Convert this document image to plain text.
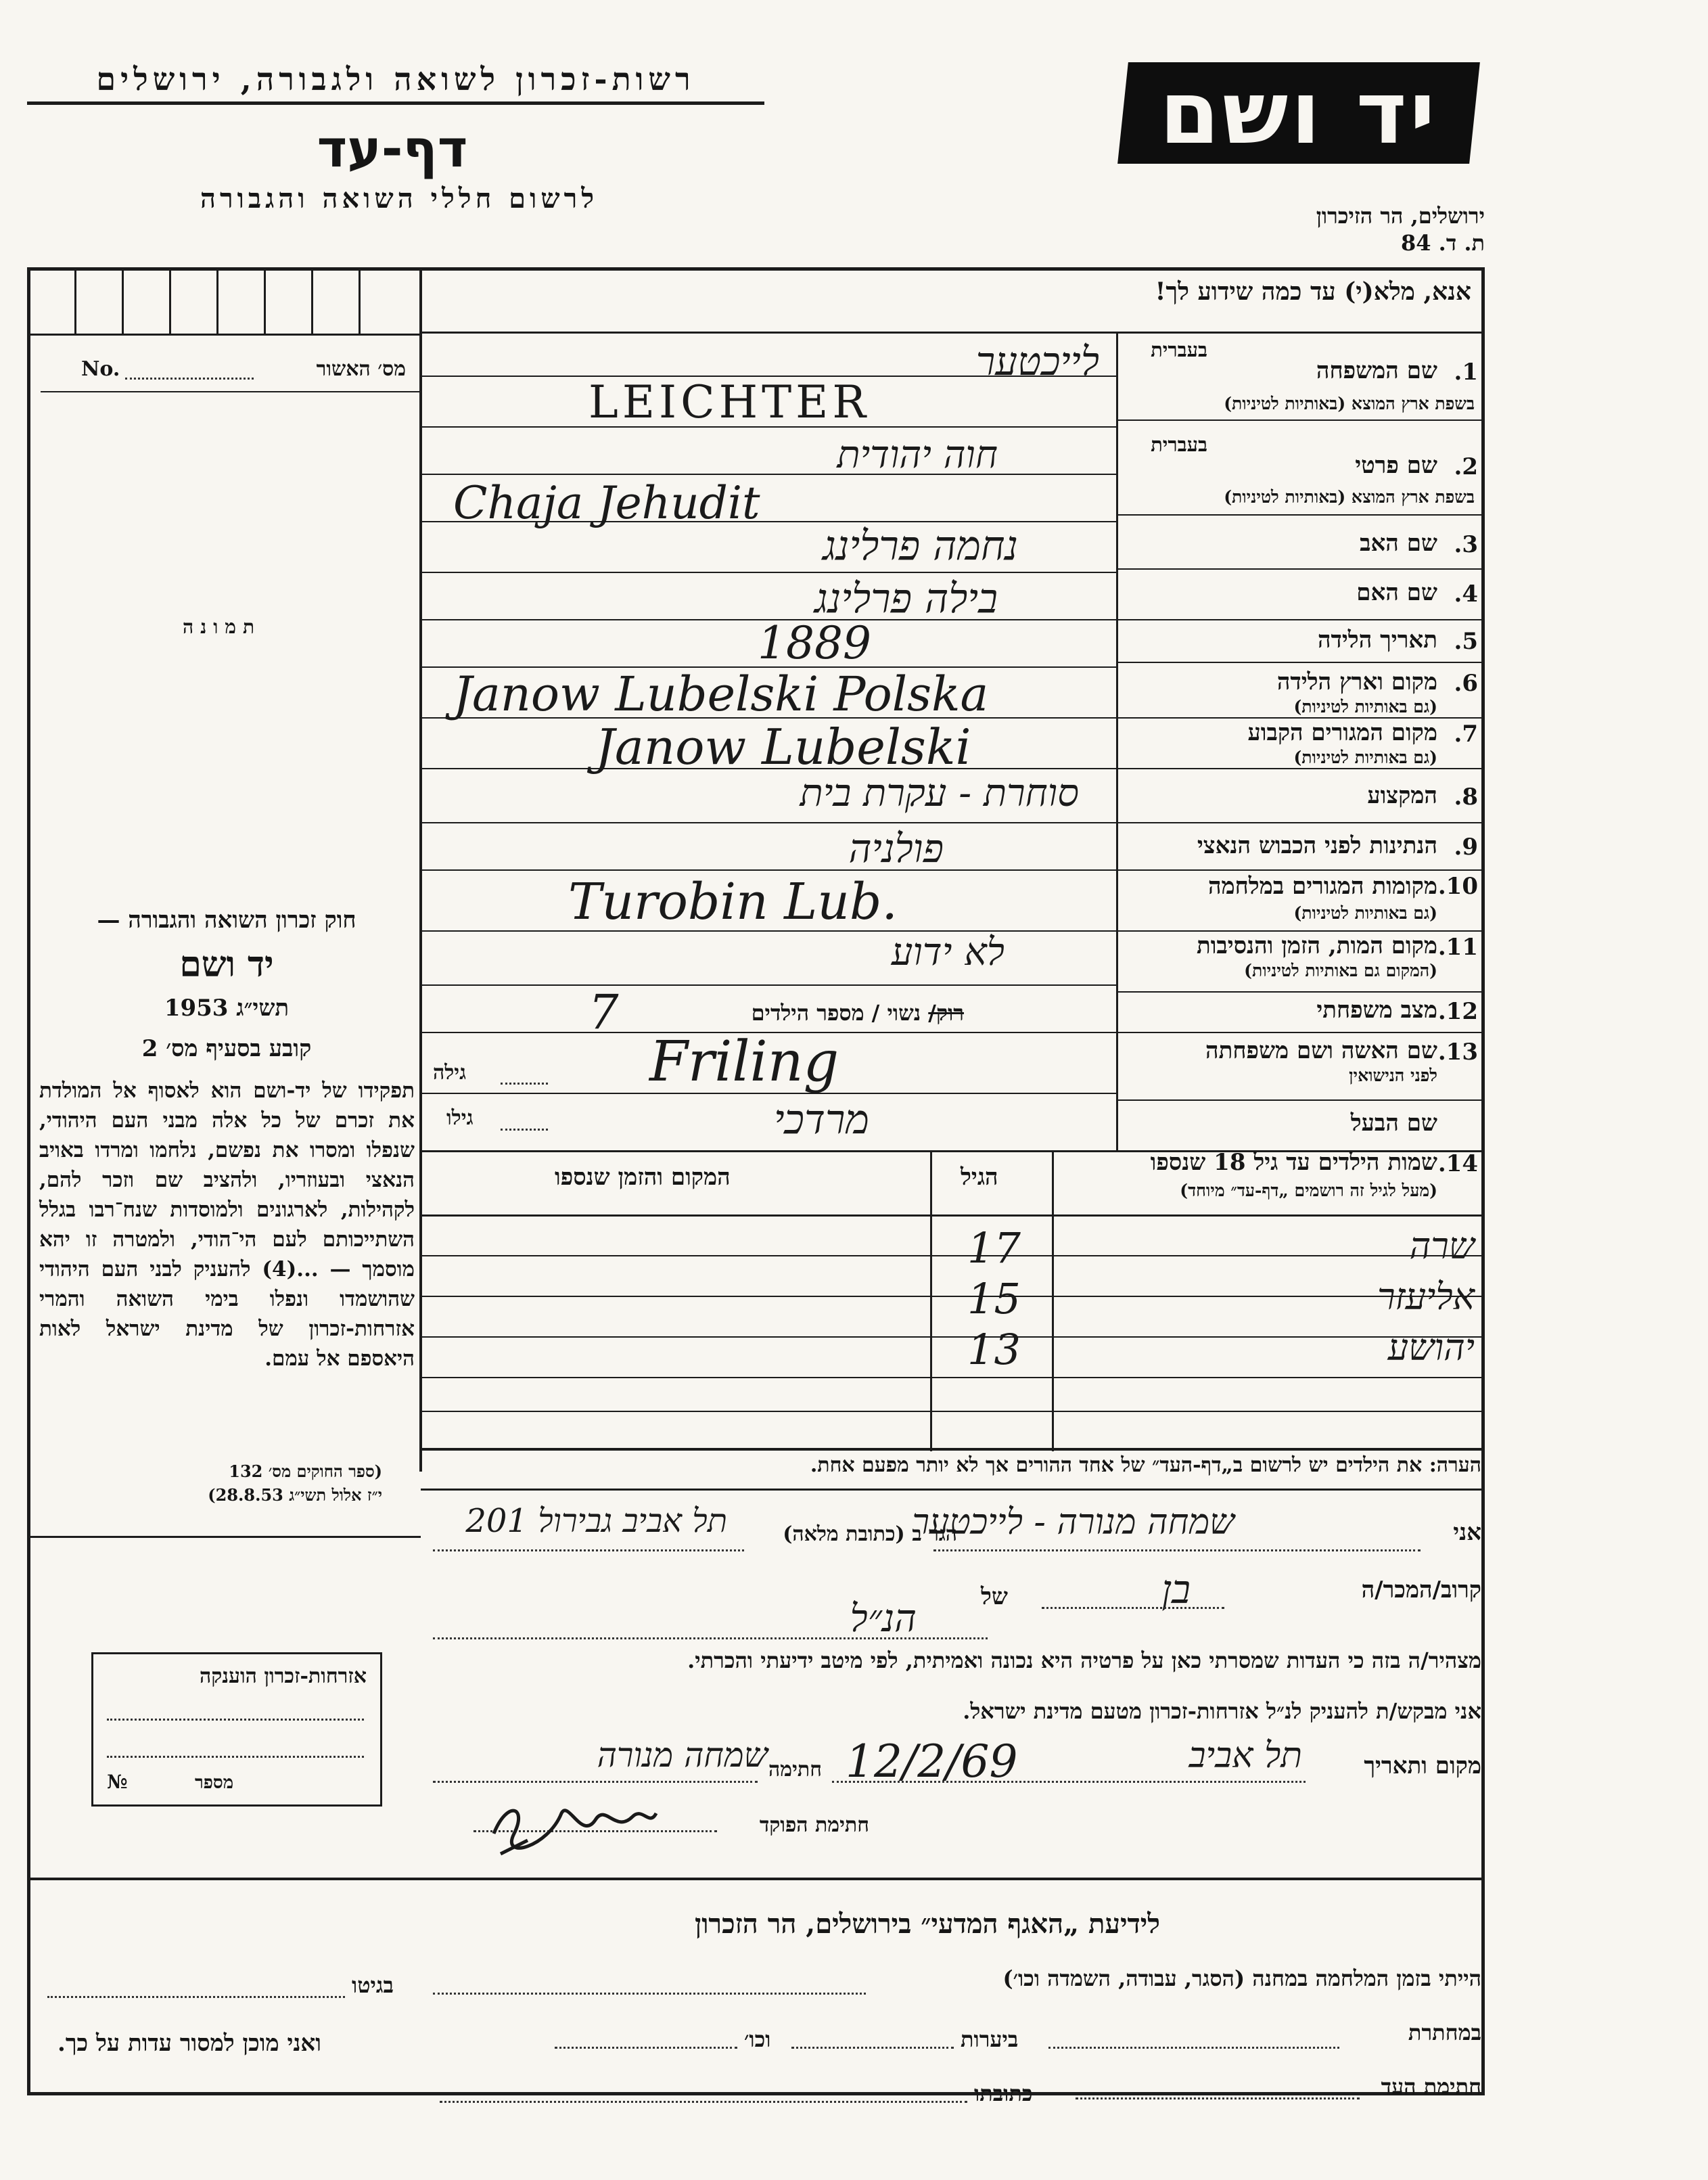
רשות-זכרון לשואה ולגבורה, ירושלים
דף-עד
לרשום חללי השואה והגבורה
יד ושם
ירושלים, הר הזיכרון
ת. ד. 84
אנא, מלא(י) עד כמה שידוע לך!
מס׳ האשור
No.
תמונה
חוק זכרון השואה והגבורה —
יד ושם
תשי״ג 1953
קובע בסעיף מס׳ 2
תפקידו של יד-ושם הוא לאסוף אל המולדת את זכרם של כל אלה מבני העם היהודי, שנפלו ומסרו את נפשם, נלחמו ומרדו באויב הנאצי ובעוזריו, ולהציב שם וזכר להם, לקהילות, לארגונים ולמוסדות שנח־רבו בגלל השתייכותם לעם הי־הודי, ולמטרה זו יהא מוסמך — ...(4) להעניק לבני העם היהודי שהושמדו ונפלו בימי השואה והמרי אזרחות-זכרון של מדינת ישראל לאות היאספם אל עמם.
(ספר החוקים מס׳ 132
י״ז אלול תשי״ג 28.8.53)
אזרחות-זכרון הוענקה
מספר
№
בעברית
1.
שם המשפחה
בשפת ארץ המוצא (באותיות לטיניות)
לייכטער
LEICHTER
בעברית
2.
שם פרטי
בשפת ארץ המוצא (באותיות לטיניות)
חוה יהודית
Chaja Jehudit
3.
שם האב
נחמה פרלינג
4.
שם האם
בילה פרלינג
5.
תאריך הלידה
1889
6.
מקום וארץ הלידה
(גם באותיות לטיניות)
Janow Lubelski Polska
7.
מקום המגורים הקבוע
(גם באותיות לטיניות)
Janow Lubelski
8.
המקצוע
סוחרת - עקרת בית
9.
הנתינות לפני הכבוש הנאצי
פולניה
10.
מקומות המגורים במלחמה
(גם באותיות לטיניות)
Turobin Lub.
11.
מקום המות, הזמן והנסיבות
(המקום גם באותיות לטיניות)
לא ידוע
12.
מצב משפחתי
רוק/ נשוי / מספר הילדים
7
13.
שם האשה ושם משפחתה
לפני הנישואין
גילה	Friling
שם הבעל
גילו	מרדכי
14.
שמות הילדים עד גיל 18 שנספו
(מעל לגיל זה רושמים „דף-עד״ מיוחד)
הגיל
המקום והזמן שנספו
שרה
17
אליעזר
15
יהושע
13
הערה: את הילדים יש לרשום ב„דף-העד״ של אחד ההורים אך לא יותר מפעם אחת.
אני
שמחה מנורה - לייכטער
הגר ב (כתובת מלאה)
תל אביב גבירול 201
קרוב/המכר/ה
בן
של
הנ״ל
מצהיר/ה בזה כי העדות שמסרתי כאן על פרטיה היא נכונה ואמיתית, לפי מיטב ידיעתי והכרתי.
אני מבקש/ת להעניק לנ״ל אזרחות-זכרון מטעם מדינת ישראל.
מקום ותאריך
תל אביב
12/2/69
חתימה
שמחה מנורה
חתימת הפוקד
לידיעת „האגף המדעי״ בירושלים, הר הזכרון
הייתי בזמן המלחמה במחנה (הסגר, עבודה, השמדה וכו׳)
בגיטו
במחתרת
ביערות
וכו׳
ואני מוכן למסור עדות על כך.
חתימת העד
כתובתו
